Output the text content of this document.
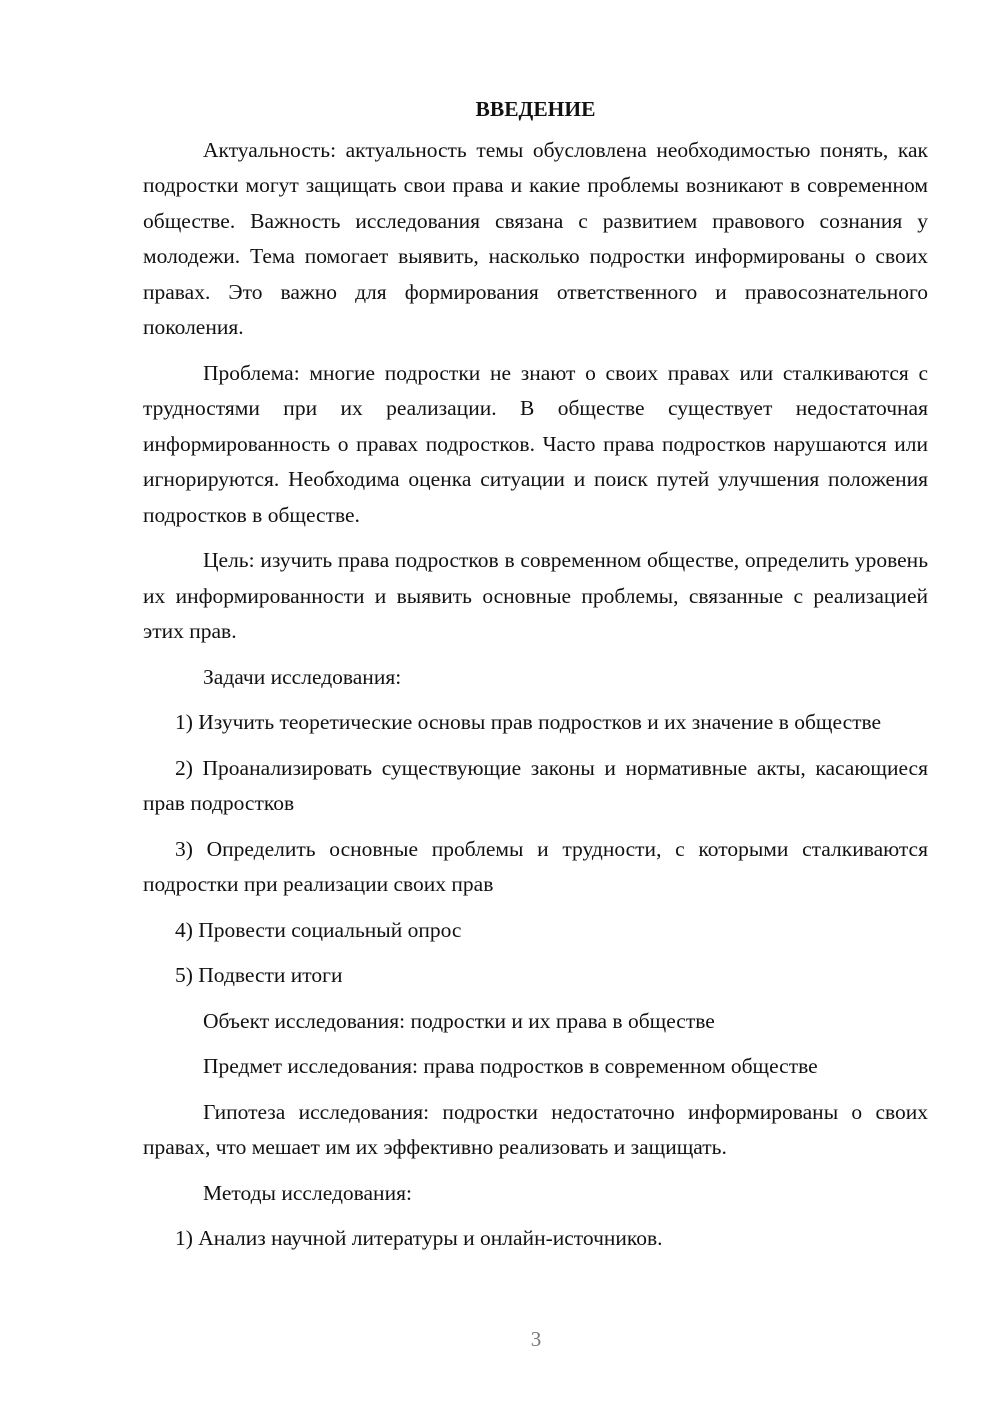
ВВЕДЕНИЕ

Актуальность: актуальность темы обусловлена необходимостью понять, как подростки могут защищать свои права и какие проблемы возникают в современном обществе. Важность исследования связана с развитием правового сознания у молодежи. Тема помогает выявить, насколько подростки информированы о своих правах. Это важно для формирования ответственного и правосознательного поколения.

Проблема: многие подростки не знают о своих правах или сталкиваются с трудностями при их реализации. В обществе существует недостаточная информированность о правах подростков. Часто права подростков нарушаются или игнорируются. Необходима оценка ситуации и поиск путей улучшения положения подростков в обществе.

Цель: изучить права подростков в современном обществе, определить уровень их информированности и выявить основные проблемы, связанные с реализацией этих прав.

Задачи исследования:

1) Изучить теоретические основы прав подростков и их значение в обществе

2) Проанализировать существующие законы и нормативные акты, касающиеся прав подростков

3) Определить основные проблемы и трудности, с которыми сталкиваются подростки при реализации своих прав

4) Провести социальный опрос

5) Подвести итоги

Объект исследования: подростки и их права в обществе

Предмет исследования: права подростков в современном обществе

Гипотеза исследования: подростки недостаточно информированы о своих правах, что мешает им их эффективно реализовать и защищать.

Методы исследования:

1) Анализ научной литературы и онлайн-источников.

3
